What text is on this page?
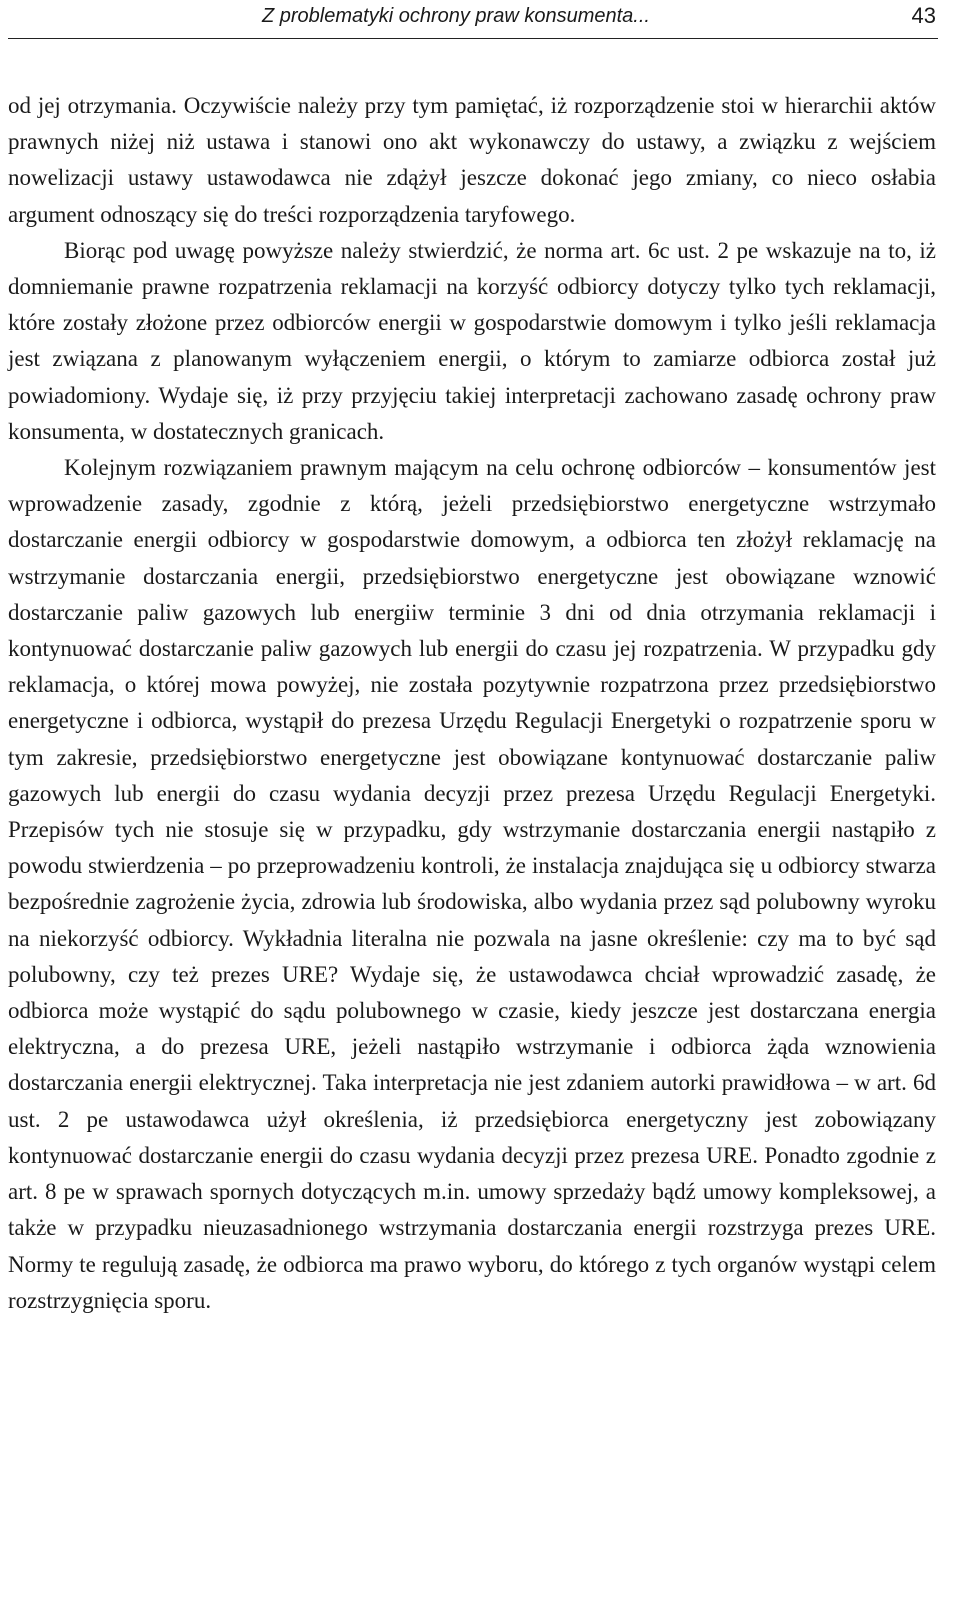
Z problematyki ochrony praw konsumenta...	43

od jej otrzymania. Oczywiście należy przy tym pamiętać, iż rozporządzenie stoi w hierarchii aktów prawnych niżej niż ustawa i stanowi ono akt wykonawczy do ustawy, a związku z wejściem nowelizacji ustawy ustawodawca nie zdążył jeszcze dokonać jego zmiany, co nieco osłabia argument odnoszący się do treści rozporządzenia taryfowego.

Biorąc pod uwagę powyższe należy stwierdzić, że norma art. 6c ust. 2 pe wskazuje na to, iż domniemanie prawne rozpatrzenia reklamacji na korzyść odbiorcy dotyczy tylko tych reklamacji, które zostały złożone przez odbiorców energii w gospodarstwie domowym i tylko jeśli reklamacja jest związana z planowanym wyłączeniem energii, o którym to zamiarze odbiorca został już powiadomiony. Wydaje się, iż przy przyjęciu takiej interpretacji zachowano zasadę ochrony praw konsumenta, w dostatecznych granicach.

Kolejnym rozwiązaniem prawnym mającym na celu ochronę odbiorców – konsumentów jest wprowadzenie zasady, zgodnie z którą, jeżeli przedsiębiorstwo energetyczne wstrzymało dostarczanie energii odbiorcy w gospodarstwie domowym, a odbiorca ten złożył reklamację na wstrzymanie dostarczania energii, przedsiębiorstwo energetyczne jest obowiązane wznowić dostarczanie paliw gazowych lub energiiw terminie 3 dni od dnia otrzymania reklamacji i kontynuować dostarczanie paliw gazowych lub energii do czasu jej rozpatrzenia. W przypadku gdy reklamacja, o której mowa powyżej, nie została pozytywnie rozpatrzona przez przedsiębiorstwo energetyczne i odbiorca, wystąpił do prezesa Urzędu Regulacji Energetyki o rozpatrzenie sporu w tym zakresie, przedsiębiorstwo energetyczne jest obowiązane kontynuować dostarczanie paliw gazowych lub energii do czasu wydania decyzji przez prezesa Urzędu Regulacji Energetyki. Przepisów tych nie stosuje się w przypadku, gdy wstrzymanie dostarczania energii nastąpiło z powodu stwierdzenia – po przeprowadzeniu kontroli, że instalacja znajdująca się u odbiorcy stwarza bezpośrednie zagrożenie życia, zdrowia lub środowiska, albo wydania przez sąd polubowny wyroku na niekorzyść odbiorcy. Wykładnia literalna nie pozwala na jasne określenie: czy ma to być sąd polubowny, czy też prezes URE? Wydaje się, że ustawodawca chciał wprowadzić zasadę, że odbiorca może wystąpić do sądu polubownego w czasie, kiedy jeszcze jest dostarczana energia elektryczna, a do prezesa URE, jeżeli nastąpiło wstrzymanie i odbiorca żąda wznowienia dostarczania energii elektrycznej. Taka interpretacja nie jest zdaniem autorki prawidłowa – w art. 6d ust. 2 pe ustawodawca użył określenia, iż przedsiębiorca energetyczny jest zobowiązany kontynuować dostarczanie energii do czasu wydania decyzji przez prezesa URE. Ponadto zgodnie z art. 8 pe w sprawach spornych dotyczących m.in. umowy sprzedaży bądź umowy kompleksowej, a także w przypadku nieuzasadnionego wstrzymania dostarczania energii rozstrzyga prezes URE. Normy te regulują zasadę, że odbiorca ma prawo wyboru, do którego z tych organów wystąpi celem rozstrzygnięcia sporu.
